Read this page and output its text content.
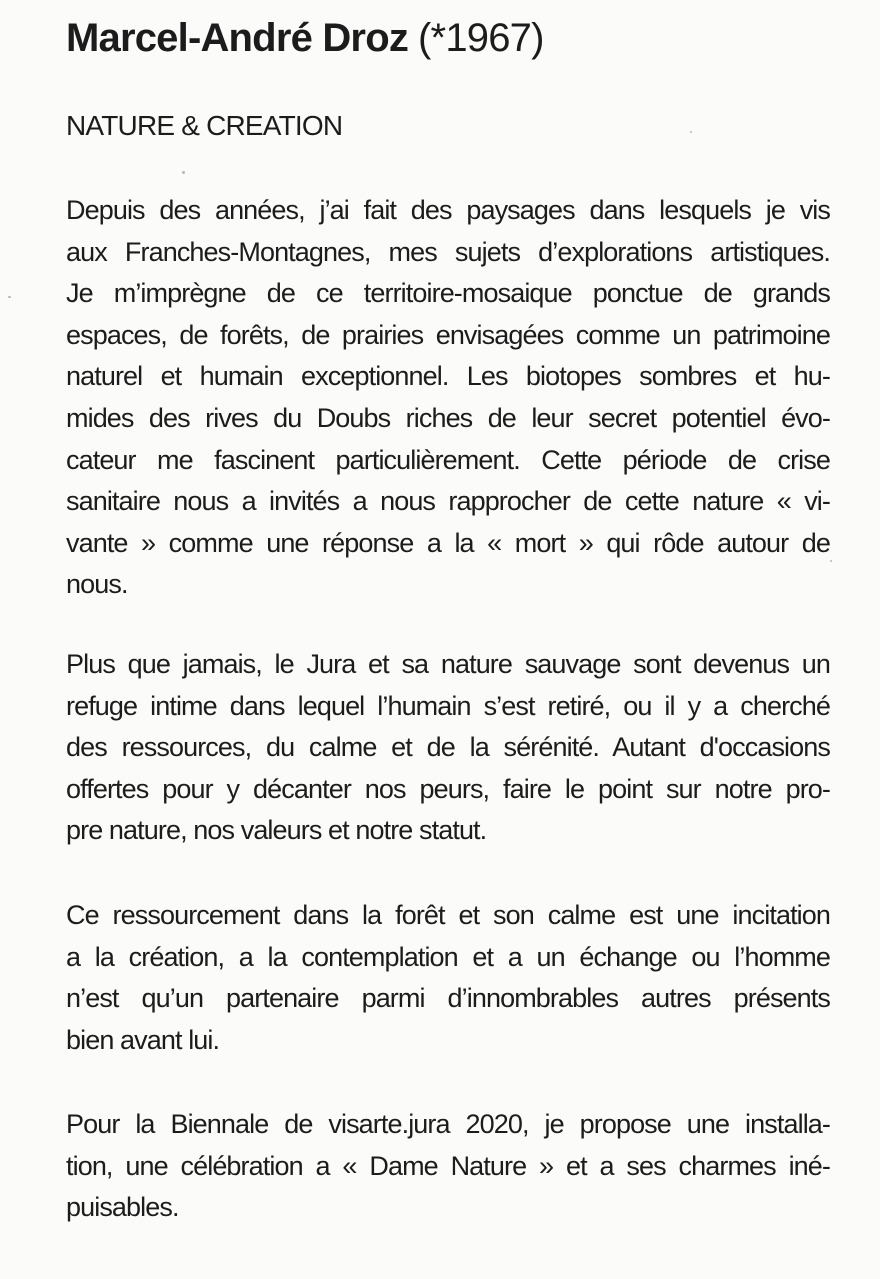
Marcel-André Droz (*1967)
NATURE & CREATION
Depuis des années, j’ai fait des paysages dans lesquels je vis
aux Franches-Montagnes, mes sujets d’explorations artistiques.
Je m’imprègne de ce territoire-mosaique ponctue de grands
espaces, de forêts, de prairies envisagées comme un patrimoine
naturel et humain exceptionnel. Les biotopes sombres et hu-
mides des rives du Doubs riches de leur secret potentiel évo-
cateur me fascinent particulièrement. Cette période de crise
sanitaire nous a invités a nous rapprocher de cette nature « vi-
vante » comme une réponse a la « mort » qui rôde autour de
nous.
Plus que jamais, le Jura et sa nature sauvage sont devenus un
refuge intime dans lequel l’humain s’est retiré, ou il y a cherché
des ressources, du calme et de la sérénité. Autant d'occasions
offertes pour y décanter nos peurs, faire le point sur notre pro-
pre nature, nos valeurs et notre statut.
Ce ressourcement dans la forêt et son calme est une incitation
a la création, a la contemplation et a un échange ou l’homme
n’est qu’un partenaire parmi d’innombrables autres présents
bien avant lui.
Pour la Biennale de visarte.jura 2020, je propose une installa-
tion, une célébration a « Dame Nature » et a ses charmes iné-
puisables.
